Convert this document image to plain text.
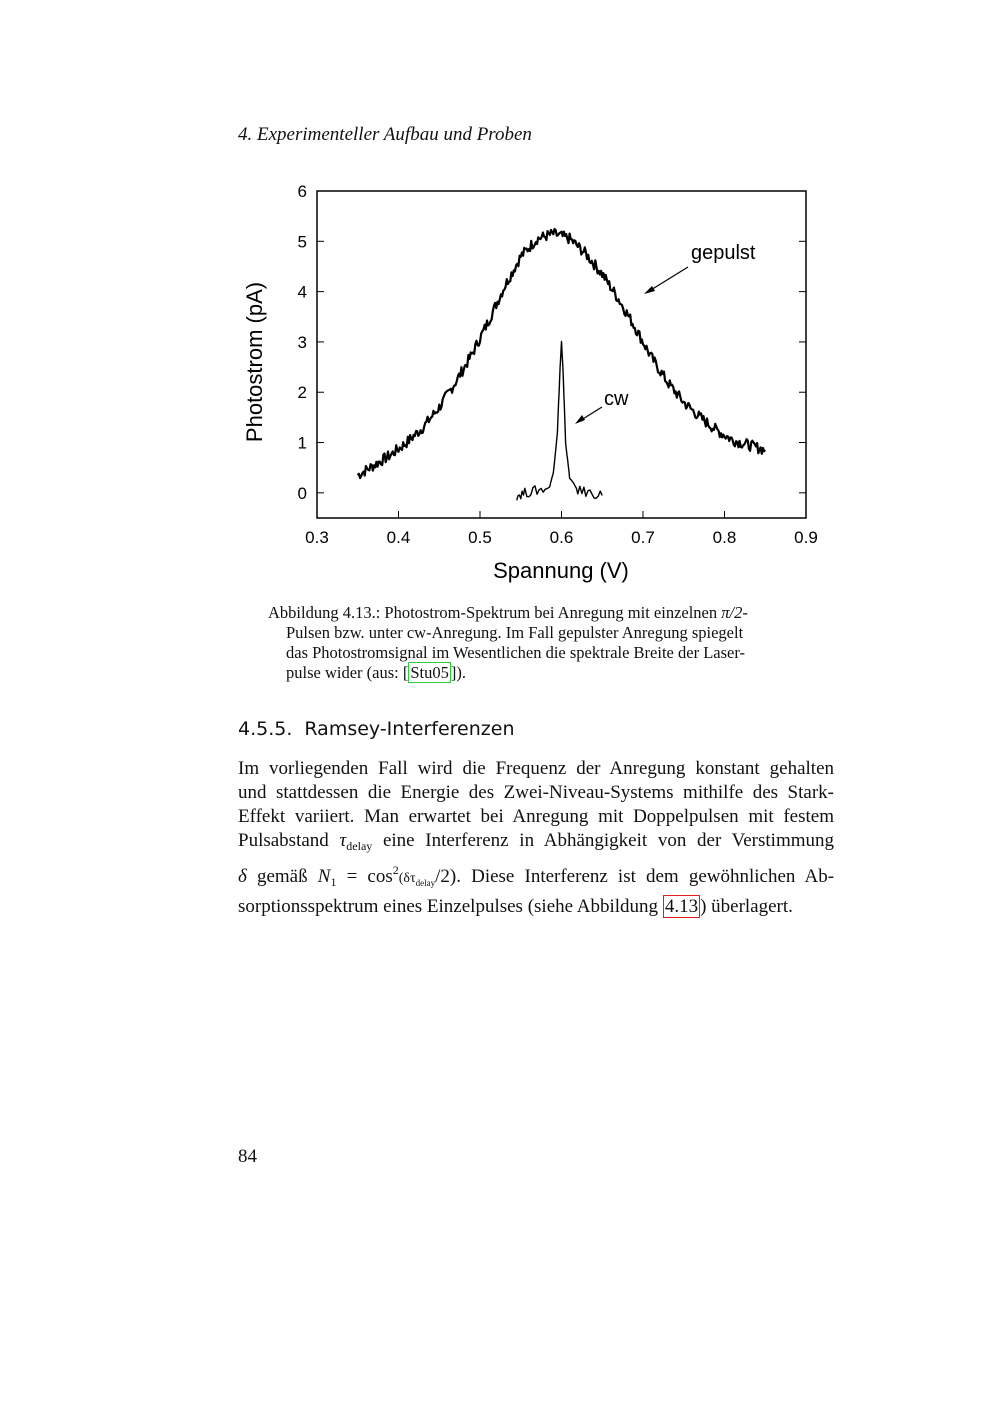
4. Experimenteller Aufbau und Proben
0.3	0.4	0.5	0.6	0.7	0.8	0.9
0
1
2
3
4
5
6
Photostrom (pA)
Spannung (V)
gepulst
cw
Abbildung 4.13.: Photostrom-Spektrum bei Anregung mit einzelnen π/2-
Pulsen bzw. unter cw-Anregung. Im Fall gepulster Anregung spiegelt
das Photostromsignal im Wesentlichen die spektrale Breite der Laser-
pulse wider (aus: [ Stu05 ]).
4.5.5. Ramsey-Interferenzen
Im vorliegenden Fall wird die Frequenz der Anregung konstant gehalten
und stattdessen die Energie des Zwei-Niveau-Systems mithilfe des Stark-
Effekt variiert. Man erwartet bei Anregung mit Doppelpulsen mit festem
Pulsabstand $\tau_{delay}$ eine Interferenz in Abhängigkeit von der Verstimmung
δ gemäß $N_1 = \cos^2(\delta\tau_{delay}/2)$. Diese Interferenz ist dem gewöhnlichen Ab-
sorptionsspektrum eines Einzelpulses (siehe Abbildung 4.13 ) überlagert.
84
